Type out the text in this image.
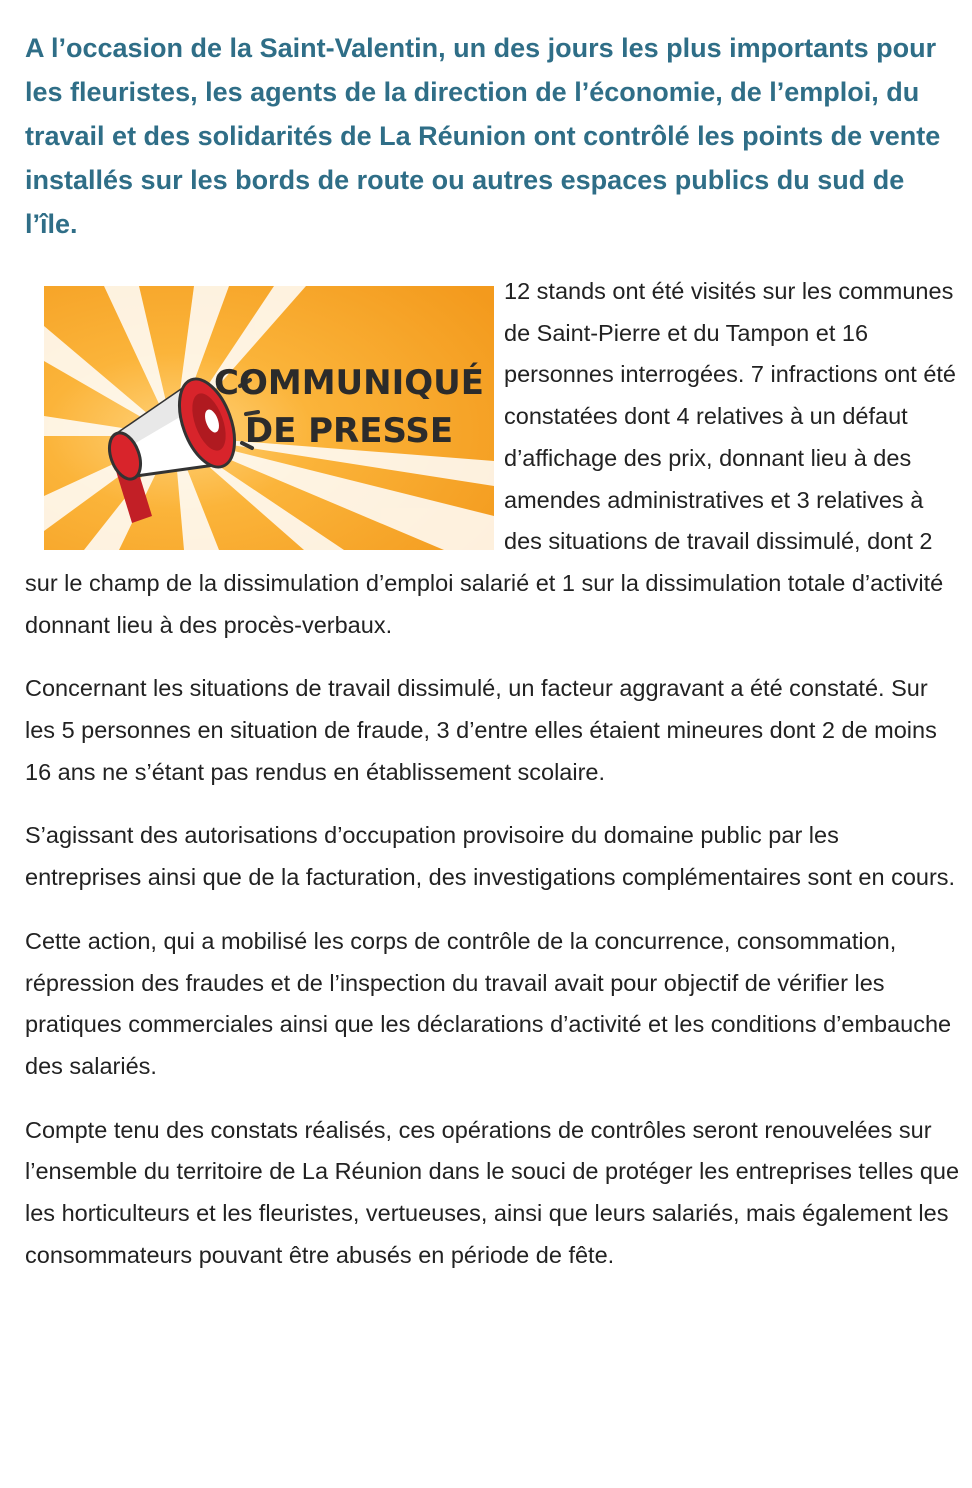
A l’occasion de la Saint-Valentin, un des jours les plus importants pour les fleuristes, les agents de la direction de l’économie, de l’emploi, du travail et des solidarités de La Réunion ont contrôlé les points de vente installés sur les bords de route ou autres espaces publics du sud de l’île.

COMMUNIQUÉ
DE PRESSE

12 stands ont été visités sur les communes de Saint-Pierre et du Tampon et 16 personnes interrogées. 7 infractions ont été constatées dont 4 relatives à un défaut d’affichage des prix, donnant lieu à des amendes administratives et 3 relatives à des situations de travail dissimulé, dont 2 sur le champ de la dissimulation d’emploi salarié et 1 sur la dissimulation totale d’activité donnant lieu à des procès-verbaux.

Concernant les situations de travail dissimulé, un facteur aggravant a été constaté. Sur les 5 personnes en situation de fraude, 3 d’entre elles étaient mineures dont 2 de moins 16 ans ne s’étant pas rendus en établissement scolaire.

S’agissant des autorisations d’occupation provisoire du domaine public par les entreprises ainsi que de la facturation, des investigations complémentaires sont en cours.

Cette action, qui a mobilisé les corps de contrôle de la concurrence, consommation, répression des fraudes et de l’inspection du travail avait pour objectif de vérifier les pratiques commerciales ainsi que les déclarations d’activité et les conditions d’embauche des salariés.

Compte tenu des constats réalisés, ces opérations de contrôles seront renouvelées sur l’ensemble du territoire de La Réunion dans le souci de protéger les entreprises telles que les horticulteurs et les fleuristes, vertueuses, ainsi que leurs salariés, mais également les consommateurs pouvant être abusés en période de fête.
